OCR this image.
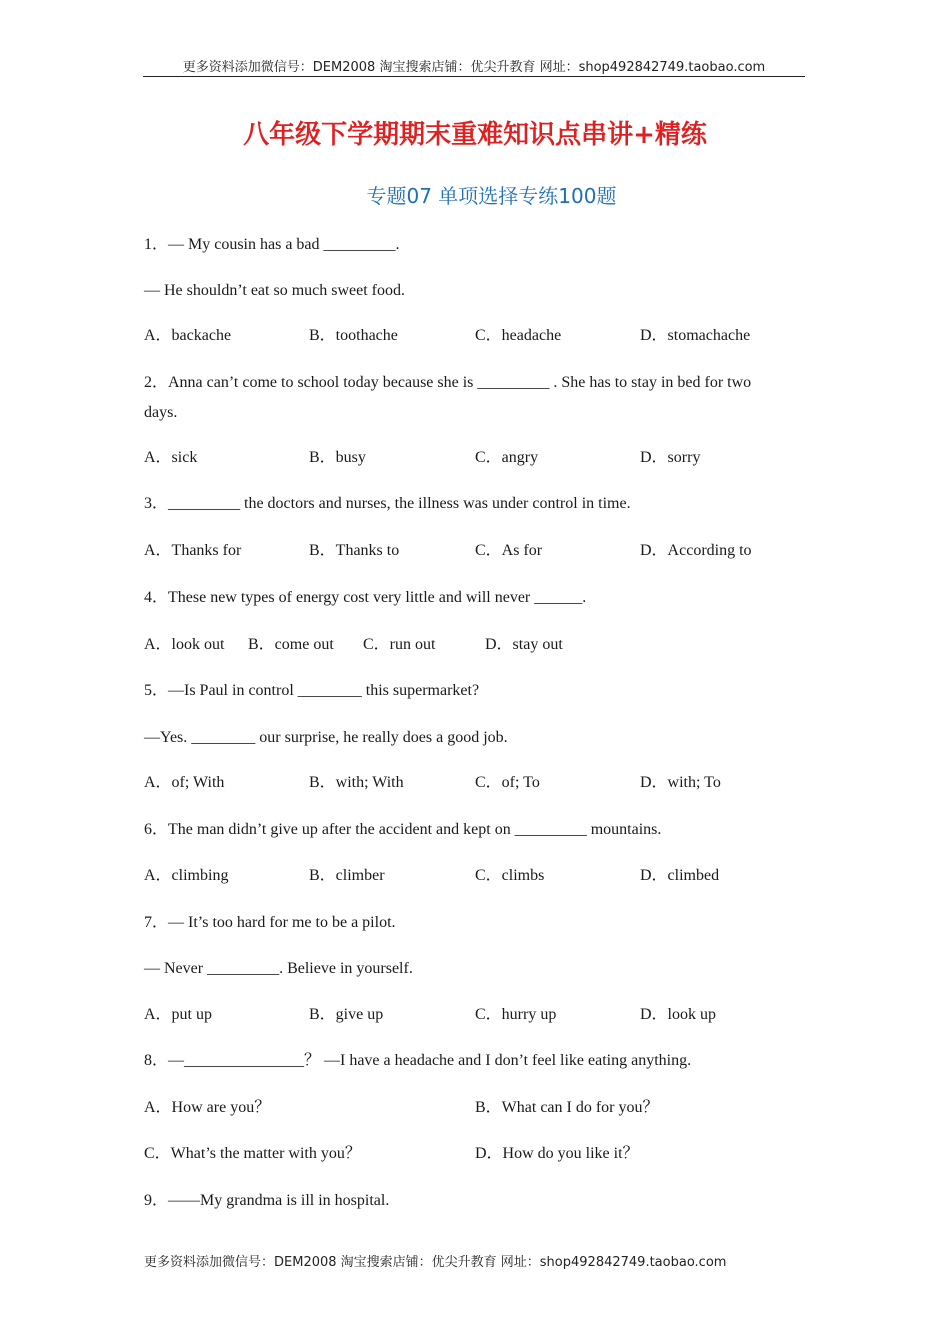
更多资料添加微信号：DEM2008 淘宝搜索店铺：优尖升教育 网址：shop492842749.taobao.com
八年级下学期期末重难知识点串讲+精练
专题07 单项选择专练100题
1．— My cousin has a bad _________.
— He shouldn’t eat so much sweet food.
A．backache	B．toothache	C．headache	D．stomachache
2．Anna can’t come to school today because she is _________ . She has to stay in bed for two
days.
A．sick	B．busy	C．angry	D．sorry
3．_________ the doctors and nurses, the illness was under control in time.
A．Thanks for	B．Thanks to	C．As for	D．According to
4．These new types of energy cost very little and will never ______.
A．look out B．come out C．run out	D．stay out
5．—Is Paul in control ________ this supermarket?
—Yes. ________ our surprise, he really does a good job.
A．of; With	B．with; With	C．of; To	D．with; To
6．The man didn’t give up after the accident and kept on _________ mountains.
A．climbing	B．climber	C．climbs	D．climbed
7．— It’s too hard for me to be a pilot.
— Never _________. Believe in yourself.
A．put up	B．give up	C．hurry up	D．look up
8．—_______________？ —I have a headache and I don’t feel like eating anything.
A．How are you？	B．What can I do for you？
C．What’s the matter with you？	D．How do you like it？
9．——My grandma is ill in hospital.
更多资料添加微信号：DEM2008 淘宝搜索店铺：优尖升教育 网址：shop492842749.taobao.com
